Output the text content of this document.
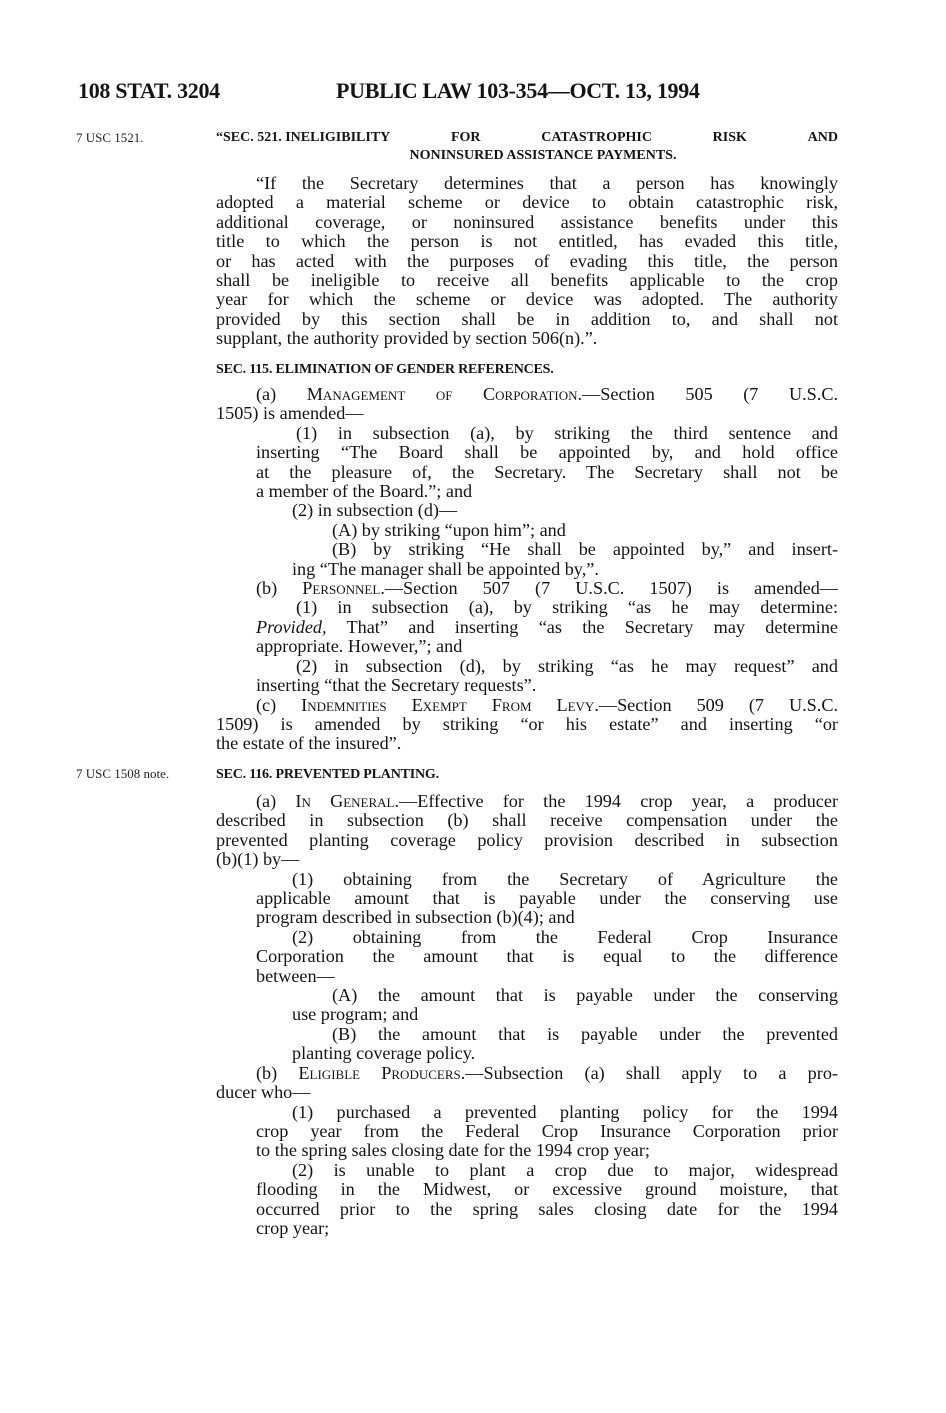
108 STAT. 3204	PUBLIC LAW 103-354—OCT. 13, 1994
7 USC 1521.
7 USC 1508 note.
“SEC. 521. INELIGIBILITY	FOR	CATASTROPHIC	RISK	AND
NONINSURED ASSISTANCE PAYMENTS.
“If the Secretary determines that a person has knowingly
adopted a material scheme or device to obtain catastrophic risk,
additional coverage, or noninsured assistance benefits under this
title to which the person is not entitled, has evaded this title,
or has acted with the purposes of evading this title, the person
shall be ineligible to receive all benefits applicable to the crop
year for which the scheme or device was adopted. The authority
provided by this section shall be in addition to, and shall not
supplant, the authority provided by section 506(n).”.
SEC. 115. ELIMINATION OF GENDER REFERENCES.
(a) Management of Corporation.—Section 505 (7 U.S.C.
1505) is amended—
(1) in subsection (a), by striking the third sentence and
inserting “The Board shall be appointed by, and hold office
at the pleasure of, the Secretary. The Secretary shall not be
a member of the Board.”; and
(2) in subsection (d)—
(A) by striking “upon him”; and
(B) by striking “He shall be appointed by,” and insert-
ing “The manager shall be appointed by,”.
(b) Personnel.—Section 507 (7 U.S.C. 1507) is amended—
(1) in subsection (a), by striking “as he may determine:
Provided, That” and inserting “as the Secretary may determine
appropriate. However,”; and
(2) in subsection (d), by striking “as he may request” and
inserting “that the Secretary requests”.
(c) Indemnities Exempt From Levy.—Section 509 (7 U.S.C.
1509) is amended by striking “or his estate” and inserting “or
the estate of the insured”.
SEC. 116. PREVENTED PLANTING.
(a) In General.—Effective for the 1994 crop year, a producer
described in subsection (b) shall receive compensation under the
prevented planting coverage policy provision described in subsection
(b)(1) by—
(1) obtaining from the Secretary of Agriculture the
applicable amount that is payable under the conserving use
program described in subsection (b)(4); and
(2) obtaining from the Federal Crop Insurance
Corporation the amount that is equal to the difference
between—
(A) the amount that is payable under the conserving
use program; and
(B) the amount that is payable under the prevented
planting coverage policy.
(b) Eligible Producers.—Subsection (a) shall apply to a pro-
ducer who—
(1) purchased a prevented planting policy for the 1994
crop year from the Federal Crop Insurance Corporation prior
to the spring sales closing date for the 1994 crop year;
(2) is unable to plant a crop due to major, widespread
flooding in the Midwest, or excessive ground moisture, that
occurred prior to the spring sales closing date for the 1994
crop year;
